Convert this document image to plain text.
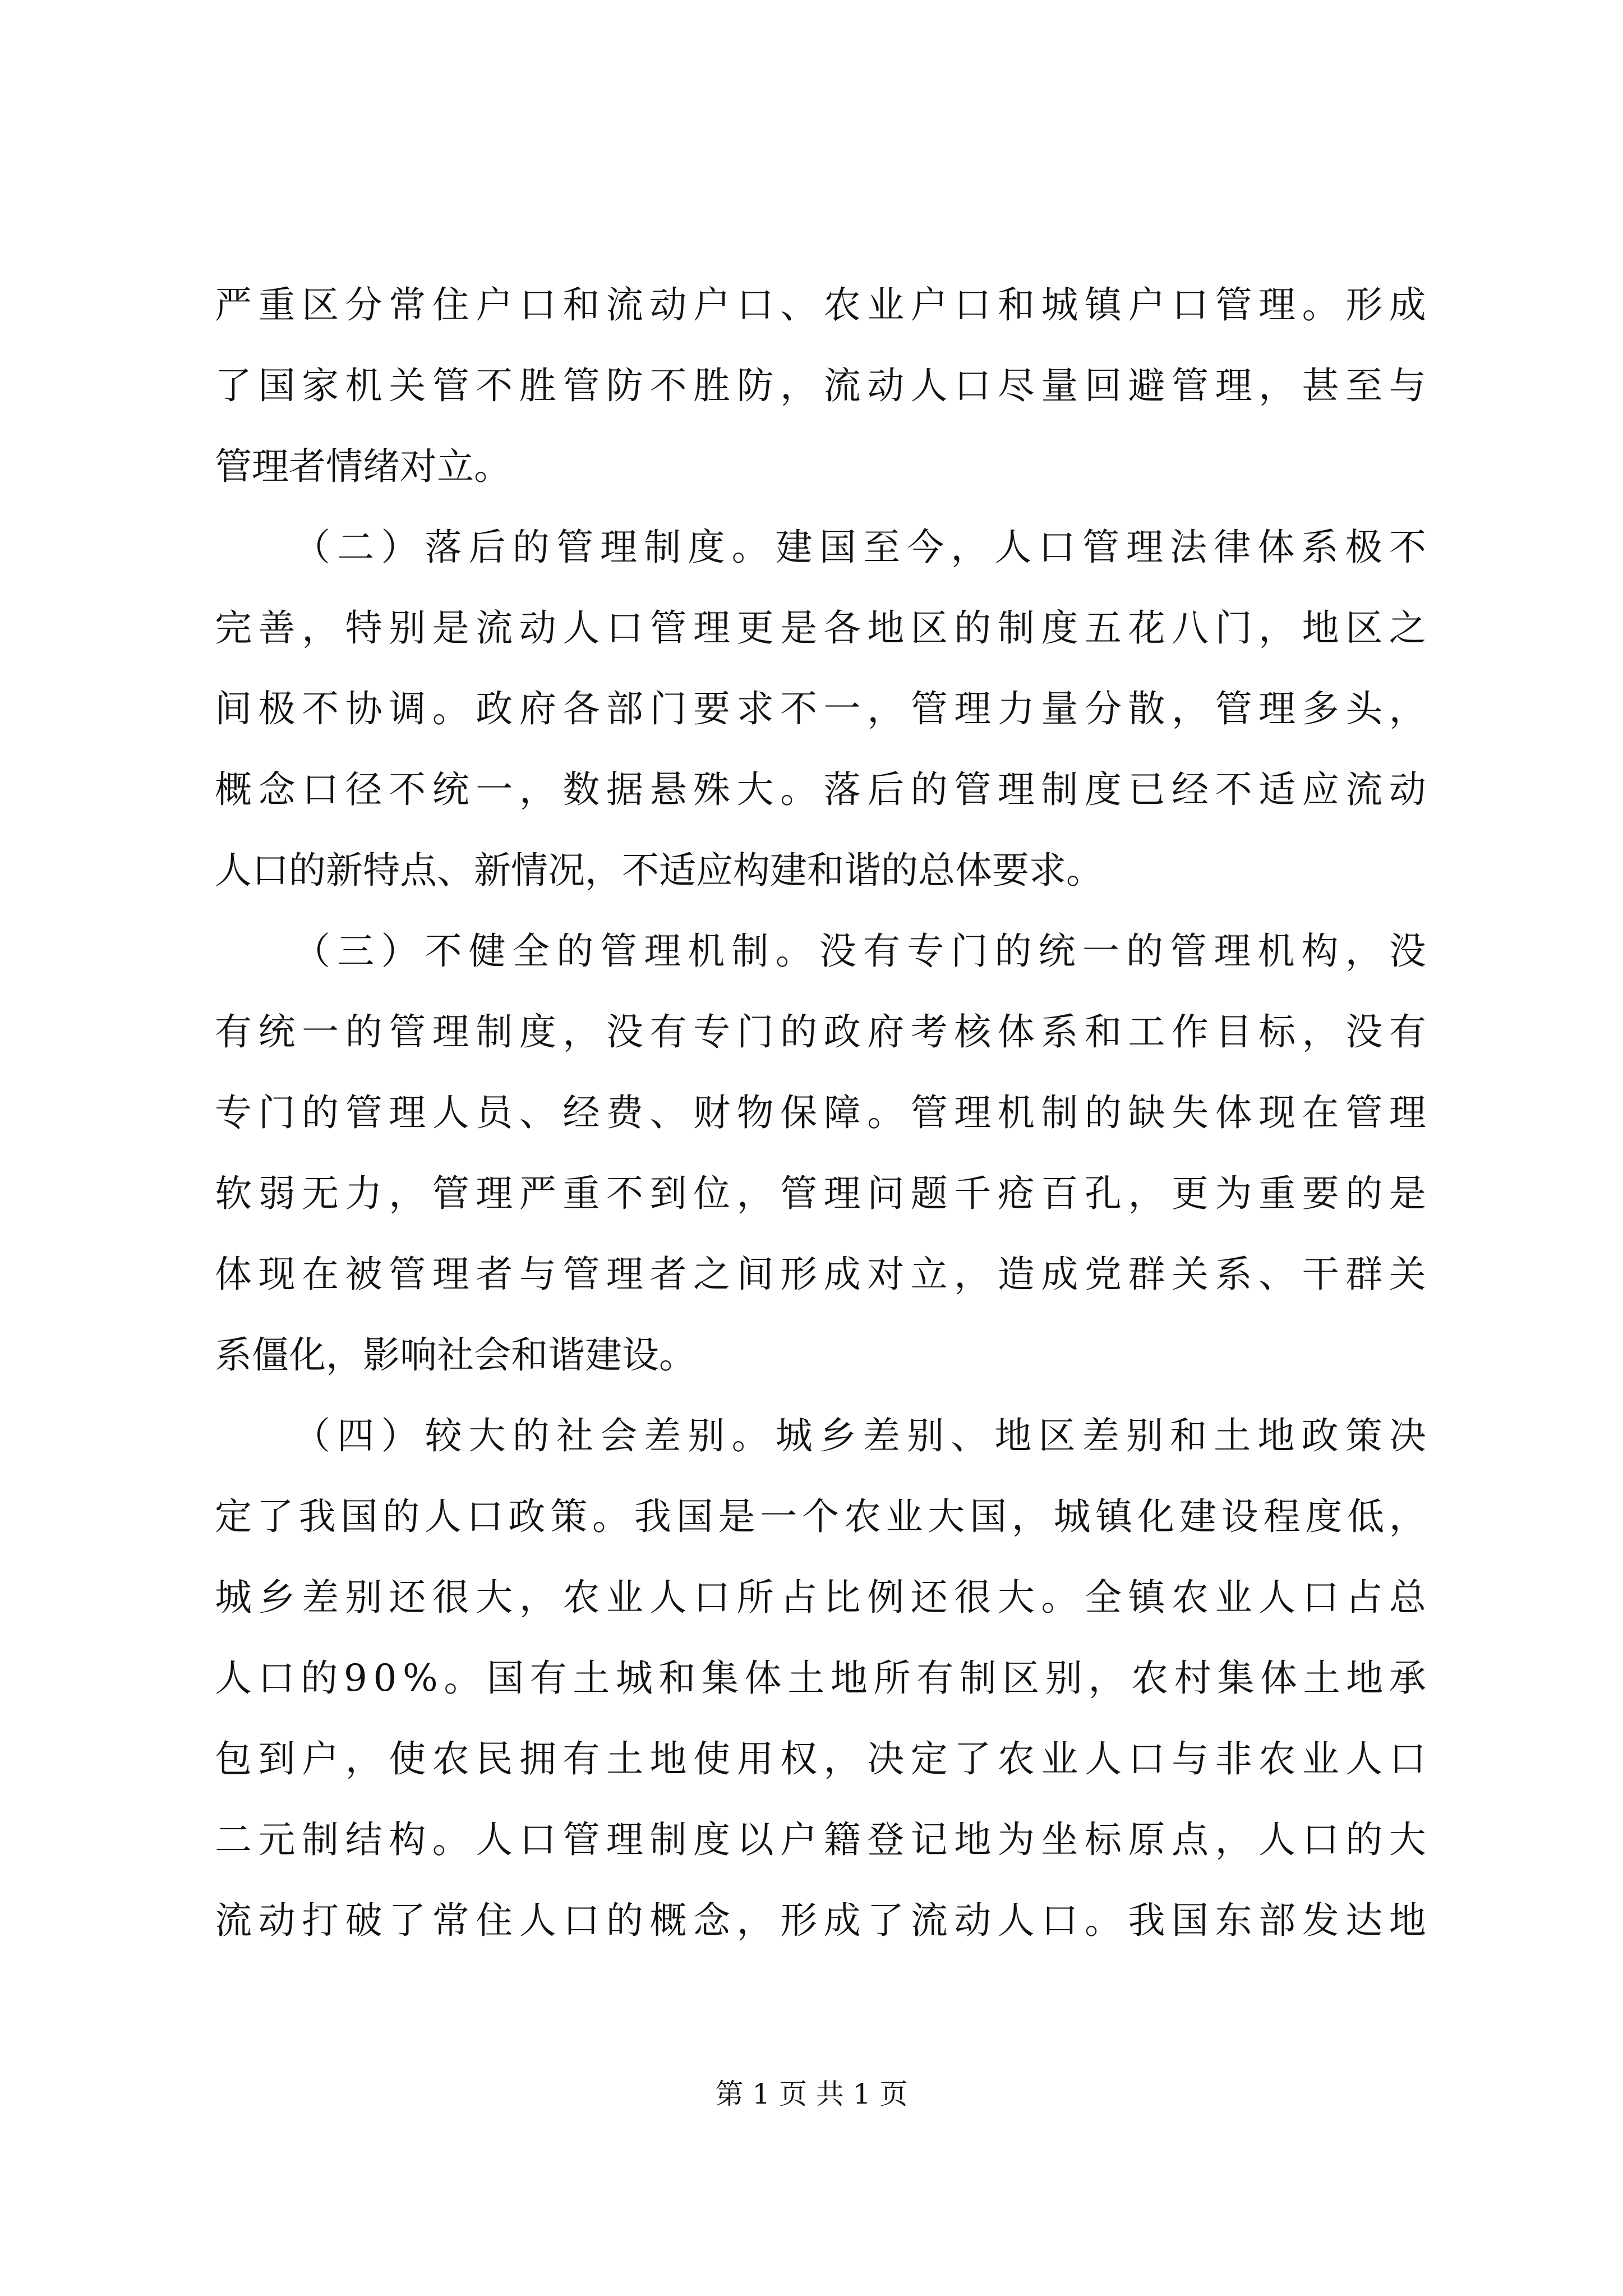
严 重 区 分 常 住 户 口 和 流 动 户 口 、 农 业 户 口 和 城 镇 户 口 管 理 。 形 成
了 国 家 机 关 管 不 胜 管 防 不 胜 防 ， 流 动 人 口 尽 量 回 避 管 理 ， 甚 至 与
管理者情绪对立。
（ 二 ） 落 后 的 管 理 制 度 。 建 国 至 今 ， 人 口 管 理 法 律 体 系 极 不
完 善 ， 特 别 是 流 动 人 口 管 理 更 是 各 地 区 的 制 度 五 花 八 门 ， 地 区 之
间 极 不 协 调 。 政 府 各 部 门 要 求 不 一 ， 管 理 力 量 分 散 ， 管 理 多 头 ，
概 念 口 径 不 统 一 ， 数 据 悬 殊 大 。 落 后 的 管 理 制 度 已 经 不 适 应 流 动
人口的新特点、新情况，不适应构建和谐的总体要求。
（ 三 ） 不 健 全 的 管 理 机 制 。 没 有 专 门 的 统 一 的 管 理 机 构 ， 没
有 统 一 的 管 理 制 度 ， 没 有 专 门 的 政 府 考 核 体 系 和 工 作 目 标 ， 没 有
专 门 的 管 理 人 员 、 经 费 、 财 物 保 障 。 管 理 机 制 的 缺 失 体 现 在 管 理
软 弱 无 力 ， 管 理 严 重 不 到 位 ， 管 理 问 题 千 疮 百 孔 ， 更 为 重 要 的 是
体 现 在 被 管 理 者 与 管 理 者 之 间 形 成 对 立 ， 造 成 党 群 关 系 、 干 群 关
系僵化，影响社会和谐建设。
（ 四 ） 较 大 的 社 会 差 别 。 城 乡 差 别 、 地 区 差 别 和 土 地 政 策 决
定 了 我 国 的 人 口 政 策 。 我 国 是 一 个 农 业 大 国 ， 城 镇 化 建 设 程 度 低 ，
城 乡 差 别 还 很 大 ， 农 业 人 口 所 占 比 例 还 很 大 。 全 镇 农 业 人 口 占 总
人 口 的 9 0 % 。 国 有 土 城 和 集 体 土 地 所 有 制 区 别 ， 农 村 集 体 土 地 承
包 到 户 ， 使 农 民 拥 有 土 地 使 用 权 ， 决 定 了 农 业 人 口 与 非 农 业 人 口
二 元 制 结 构 。 人 口 管 理 制 度 以 户 籍 登 记 地 为 坐 标 原 点 ， 人 口 的 大
流 动 打 破 了 常 住 人 口 的 概 念 ， 形 成 了 流 动 人 口 。 我 国 东 部 发 达 地
第 1 页 共 1 页
